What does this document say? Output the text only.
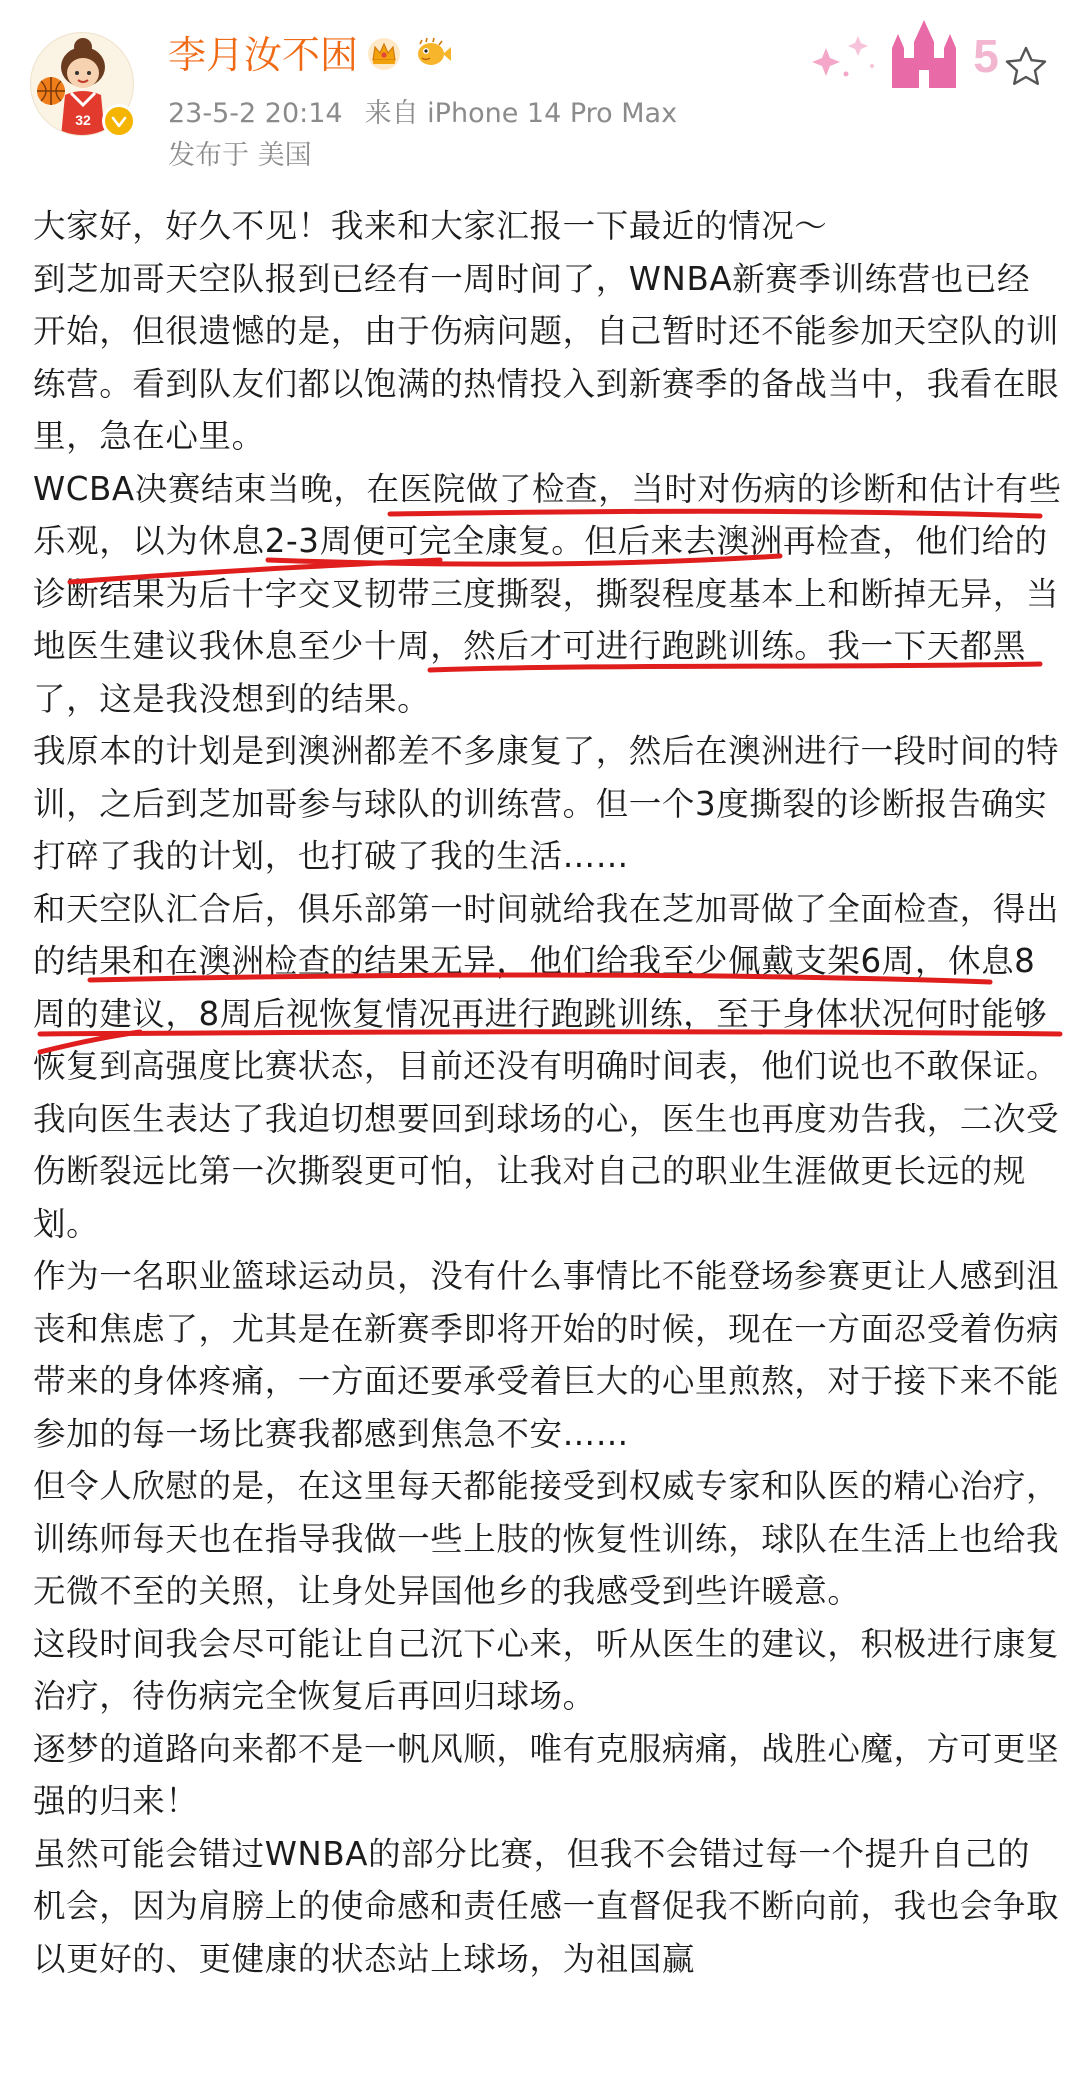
32
李月汝不困
23-5-2 20:14 来自 iPhone 14 Pro Max
发布于 美国
5
大家好，好久不见！我来和大家汇报一下最近的情况～
到芝加哥天空队报到已经有一周时间了，WNBA新赛季训练营也已经开始，但很遗憾的是，由于伤病问题，自己暂时还不能参加天空队的训练营。看到队友们都以饱满的热情投入到新赛季的备战当中，我看在眼里，急在心里。
WCBA决赛结束当晚，在医院做了检查，当时对伤病的诊断和估计有些乐观，以为休息2-3周便可完全康复。但后来去澳洲再检查，他们给的诊断结果为后十字交叉韧带三度撕裂，撕裂程度基本上和断掉无异，当地医生建议我休息至少十周，然后才可进行跑跳训练。我一下天都黑了，这是我没想到的结果。
我原本的计划是到澳洲都差不多康复了，然后在澳洲进行一段时间的特训，之后到芝加哥参与球队的训练营。但一个3度撕裂的诊断报告确实打碎了我的计划，也打破了我的生活……
和天空队汇合后，俱乐部第一时间就给我在芝加哥做了全面检查，得出的结果和在澳洲检查的结果无异，他们给我至少佩戴支架6周，休息8周的建议，8周后视恢复情况再进行跑跳训练，至于身体状况何时能够恢复到高强度比赛状态，目前还没有明确时间表，他们说也不敢保证。我向医生表达了我迫切想要回到球场的心，医生也再度劝告我，二次受伤断裂远比第一次撕裂更可怕，让我对自己的职业生涯做更长远的规划。
作为一名职业篮球运动员，没有什么事情比不能登场参赛更让人感到沮丧和焦虑了，尤其是在新赛季即将开始的时候，现在一方面忍受着伤病带来的身体疼痛，一方面还要承受着巨大的心里煎熬，对于接下来不能参加的每一场比赛我都感到焦急不安……
但令人欣慰的是，在这里每天都能接受到权威专家和队医的精心治疗，训练师每天也在指导我做一些上肢的恢复性训练，球队在生活上也给我无微不至的关照，让身处异国他乡的我感受到些许暖意。
这段时间我会尽可能让自己沉下心来，听从医生的建议，积极进行康复治疗，待伤病完全恢复后再回归球场。
逐梦的道路向来都不是一帆风顺，唯有克服病痛，战胜心魔，方可更坚强的归来！
虽然可能会错过WNBA的部分比赛，但我不会错过每一个提升自己的机会，因为肩膀上的使命感和责任感一直督促我不断向前，我也会争取以更好的、更健康的状态站上球场，为祖国赢
